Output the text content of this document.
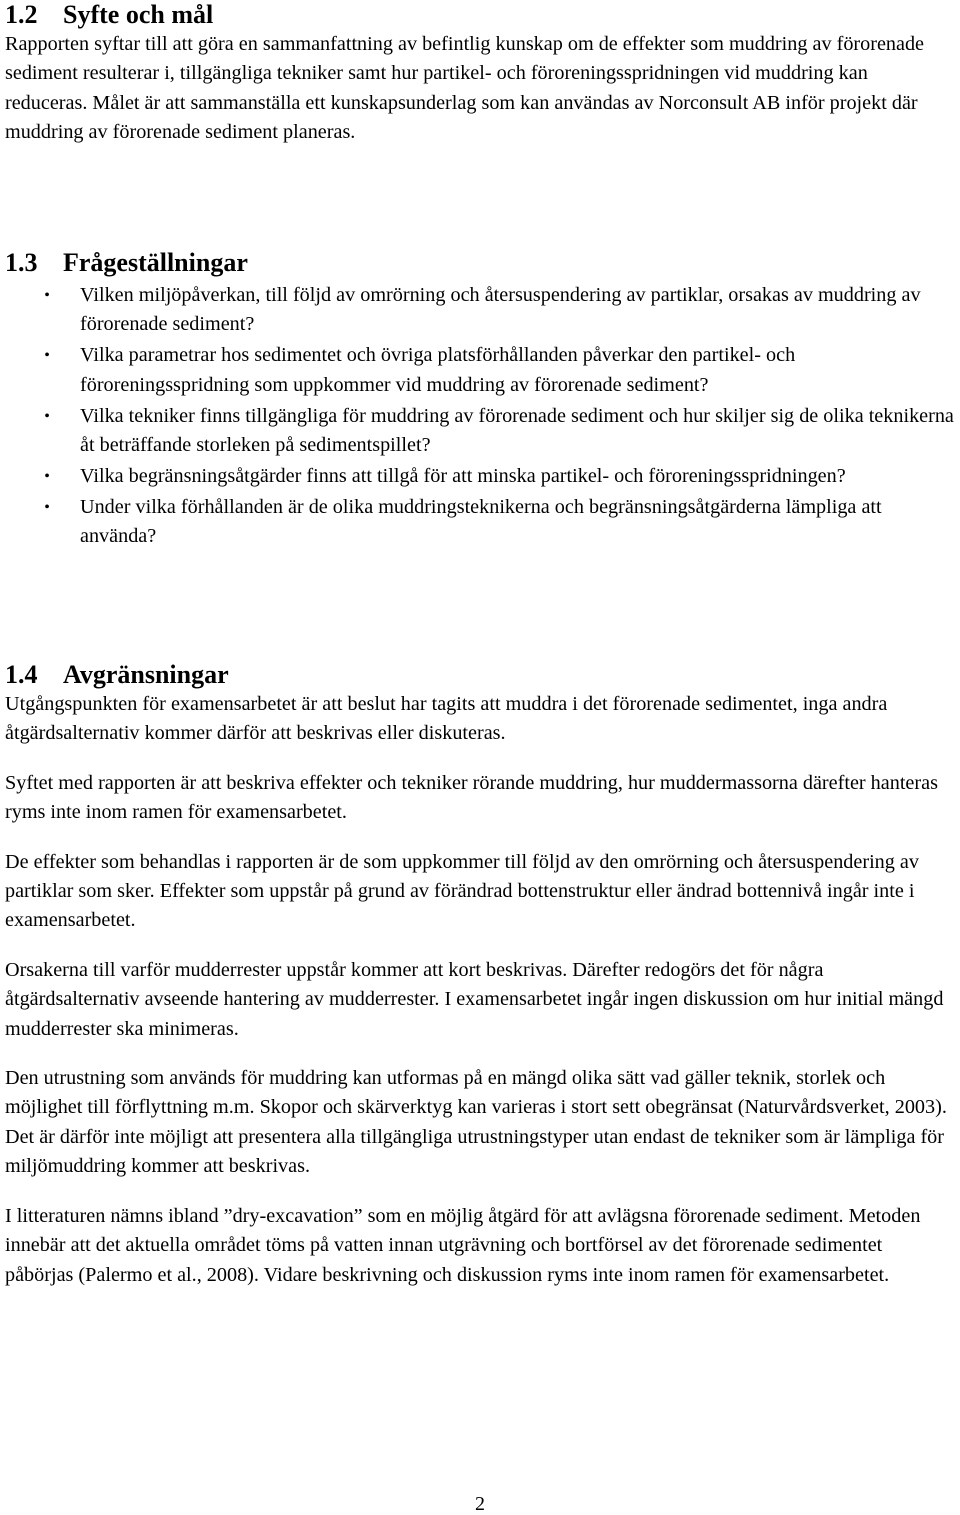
1.2 Syfte och mål

Rapporten syftar till att göra en sammanfattning av befintlig kunskap om de effekter som muddring av förorenade sediment resulterar i, tillgängliga tekniker samt hur partikel- och föroreningsspridningen vid muddring kan reduceras. Målet är att sammanställa ett kunskapsunderlag som kan användas av Norconsult AB inför projekt där muddring av förorenade sediment planeras.

1.3 Frågeställningar
• Vilken miljöpåverkan, till följd av omrörning och återsuspendering av partiklar, orsakas av muddring av förorenade sediment?
• Vilka parametrar hos sedimentet och övriga platsförhållanden påverkar den partikel- och föroreningsspridning som uppkommer vid muddring av förorenade sediment?
• Vilka tekniker finns tillgängliga för muddring av förorenade sediment och hur skiljer sig de olika teknikerna åt beträffande storleken på sedimentspillet?
• Vilka begränsningsåtgärder finns att tillgå för att minska partikel- och föroreningsspridningen?
• Under vilka förhållanden är de olika muddringsteknikerna och begränsningsåtgärderna lämpliga att använda?
1.4 Avgränsningar

Utgångspunkten för examensarbetet är att beslut har tagits att muddra i det förorenade sedimentet, inga andra åtgärdsalternativ kommer därför att beskrivas eller diskuteras.

Syftet med rapporten är att beskriva effekter och tekniker rörande muddring, hur muddermassorna därefter hanteras ryms inte inom ramen för examensarbetet.

De effekter som behandlas i rapporten är de som uppkommer till följd av den omrörning och återsuspendering av partiklar som sker. Effekter som uppstår på grund av förändrad bottenstruktur eller ändrad bottennivå ingår inte i examensarbetet.

Orsakerna till varför mudderrester uppstår kommer att kort beskrivas. Därefter redogörs det för några åtgärdsalternativ avseende hantering av mudderrester. I examensarbetet ingår ingen diskussion om hur initial mängd mudderrester ska minimeras.

Den utrustning som används för muddring kan utformas på en mängd olika sätt vad gäller teknik, storlek och möjlighet till förflyttning m.m. Skopor och skärverktyg kan varieras i stort sett obegränsat (Naturvårdsverket, 2003). Det är därför inte möjligt att presentera alla tillgängliga utrustningstyper utan endast de tekniker som är lämpliga för miljömuddring kommer att beskrivas.

I litteraturen nämns ibland ”dry-excavation” som en möjlig åtgärd för att avlägsna förorenade sediment. Metoden innebär att det aktuella området töms på vatten innan utgrävning och bortförsel av det förorenade sedimentet påbörjas (Palermo et al., 2008). Vidare beskrivning och diskussion ryms inte inom ramen för examensarbetet.

2
